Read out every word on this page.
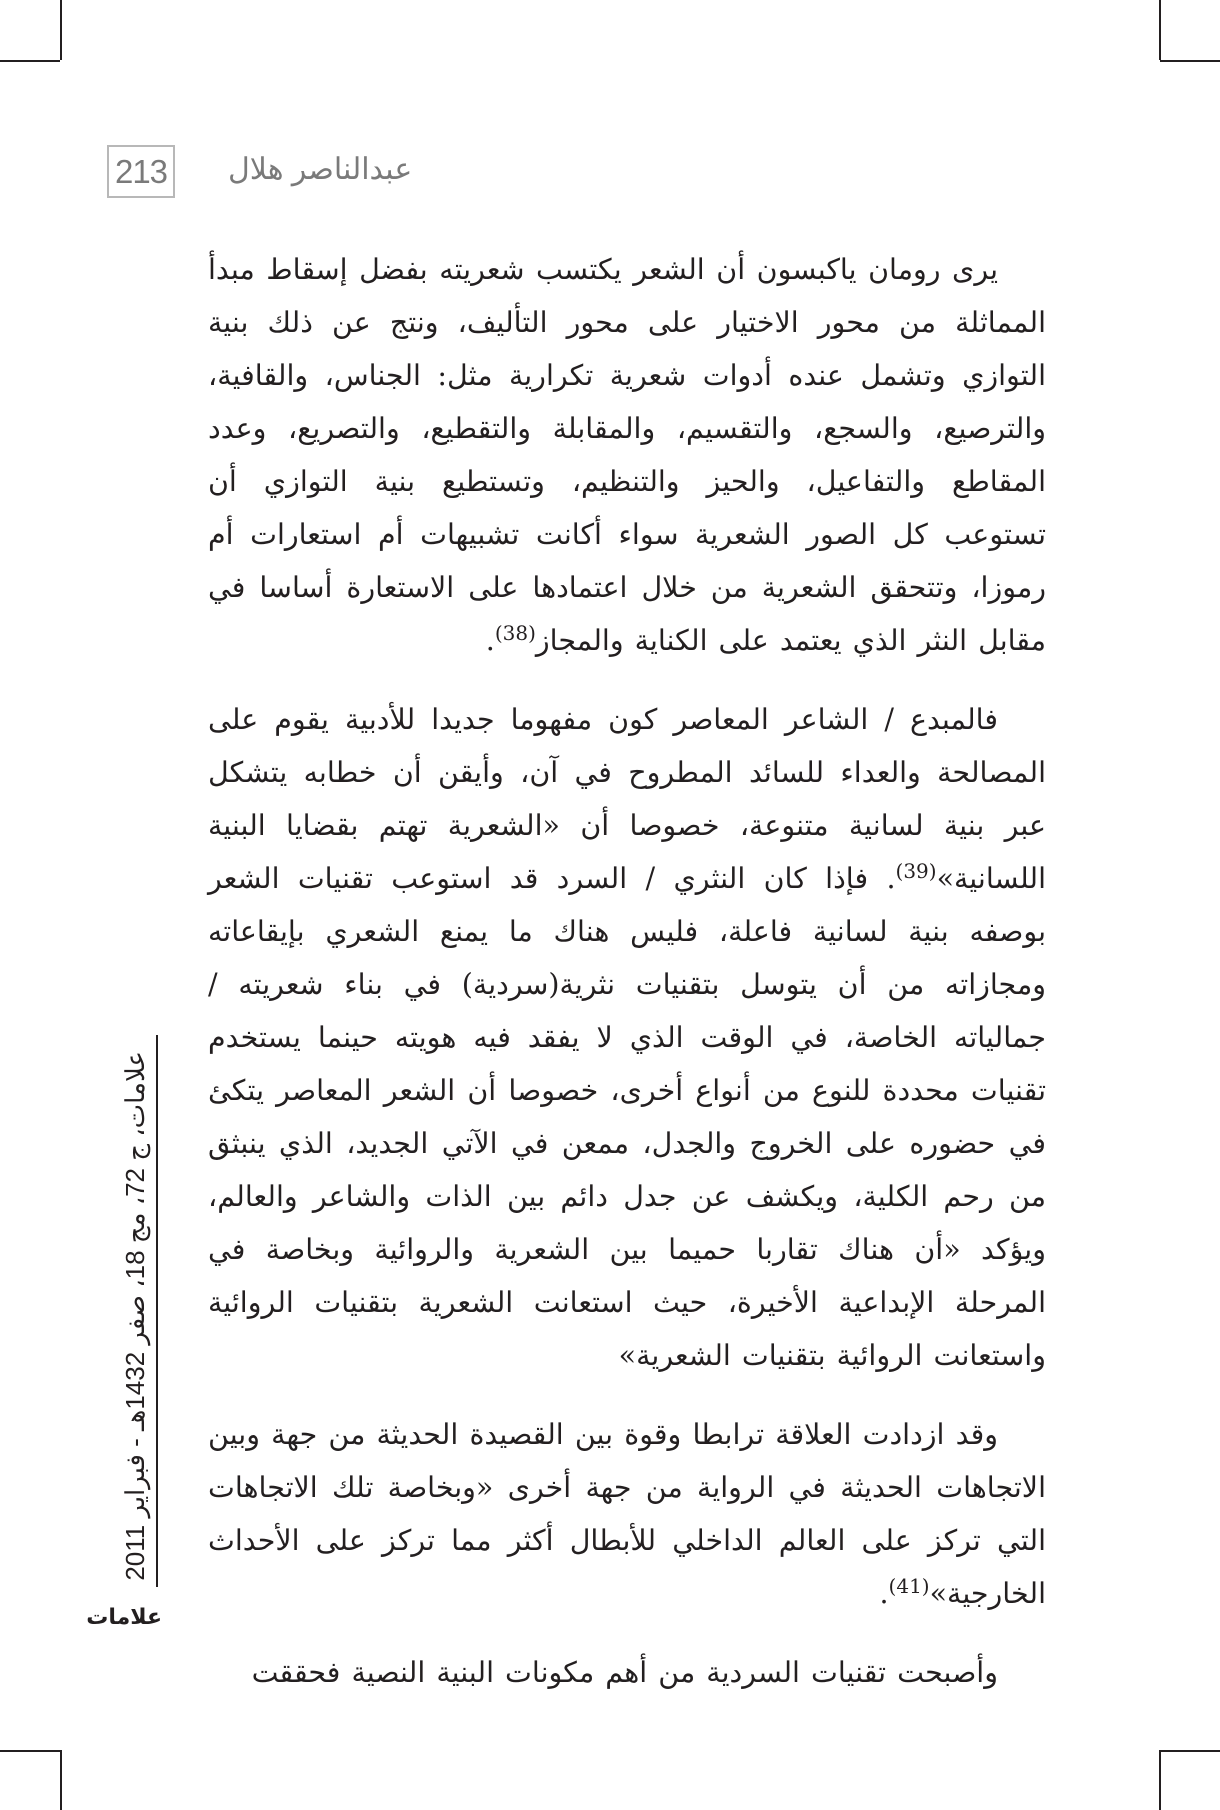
213 عبدالناصر هلال

يرى رومان ياكبسون أن الشعر يكتسب شعريته بفضل إسقاط مبدأ المماثلة من محور الاختيار على محور التأليف، ونتج عن ذلك بنية التوازي وتشمل عنده أدوات شعرية تكرارية مثل: الجناس، والقافية، والترصيع، والسجع، والتقسيم، والمقابلة والتقطيع، والتصريع، وعدد المقاطع والتفاعيل، والحيز والتنظيم، وتستطيع بنية التوازي أن تستوعب كل الصور الشعرية سواء أكانت تشبيهات أم استعارات أم رموزا، وتتحقق الشعرية من خلال اعتمادها على الاستعارة أساسا في مقابل النثر الذي يعتمد على الكناية والمجاز$^{(38)}$.

فالمبدع / الشاعر المعاصر كون مفهوما جديدا للأدبية يقوم على المصالحة والعداء للسائد المطروح في آن، وأيقن أن خطابه يتشكل عبر بنية لسانية متنوعة، خصوصا أن «الشعرية تهتم بقضايا البنية اللسانية»$^{(39)}$. فإذا كان النثري / السرد قد استوعب تقنيات الشعر بوصفه بنية لسانية فاعلة، فليس هناك ما يمنع الشعري بإيقاعاته ومجازاته من أن يتوسل بتقنيات نثرية(سردية) في بناء شعريته / جمالياته الخاصة، في الوقت الذي لا يفقد فيه هويته حينما يستخدم تقنيات محددة للنوع من أنواع أخرى، خصوصا أن الشعر المعاصر يتكئ في حضوره على الخروج والجدل، ممعن في الآتي الجديد، الذي ينبثق من رحم الكلية، ويكشف عن جدل دائم بين الذات والشاعر والعالم، ويؤكد «أن هناك تقاربا حميما بين الشعرية والروائية وبخاصة في المرحلة الإبداعية الأخيرة، حيث استعانت الشعرية بتقنيات الروائية واستعانت الروائية بتقنيات الشعرية»

وقد ازدادت العلاقة ترابطا وقوة بين القصيدة الحديثة من جهة وبين الاتجاهات الحديثة في الرواية من جهة أخرى «وبخاصة تلك الاتجاهات التي تركز على العالم الداخلي للأبطال أكثر مما تركز على الأحداث الخارجية»$^{(41)}$.

وأصبحت تقنيات السردية من أهم مكونات البنية النصية فحققت

علامات، ج 72، مج 18، صفر 1432هـ - فبراير 2011
علامات
